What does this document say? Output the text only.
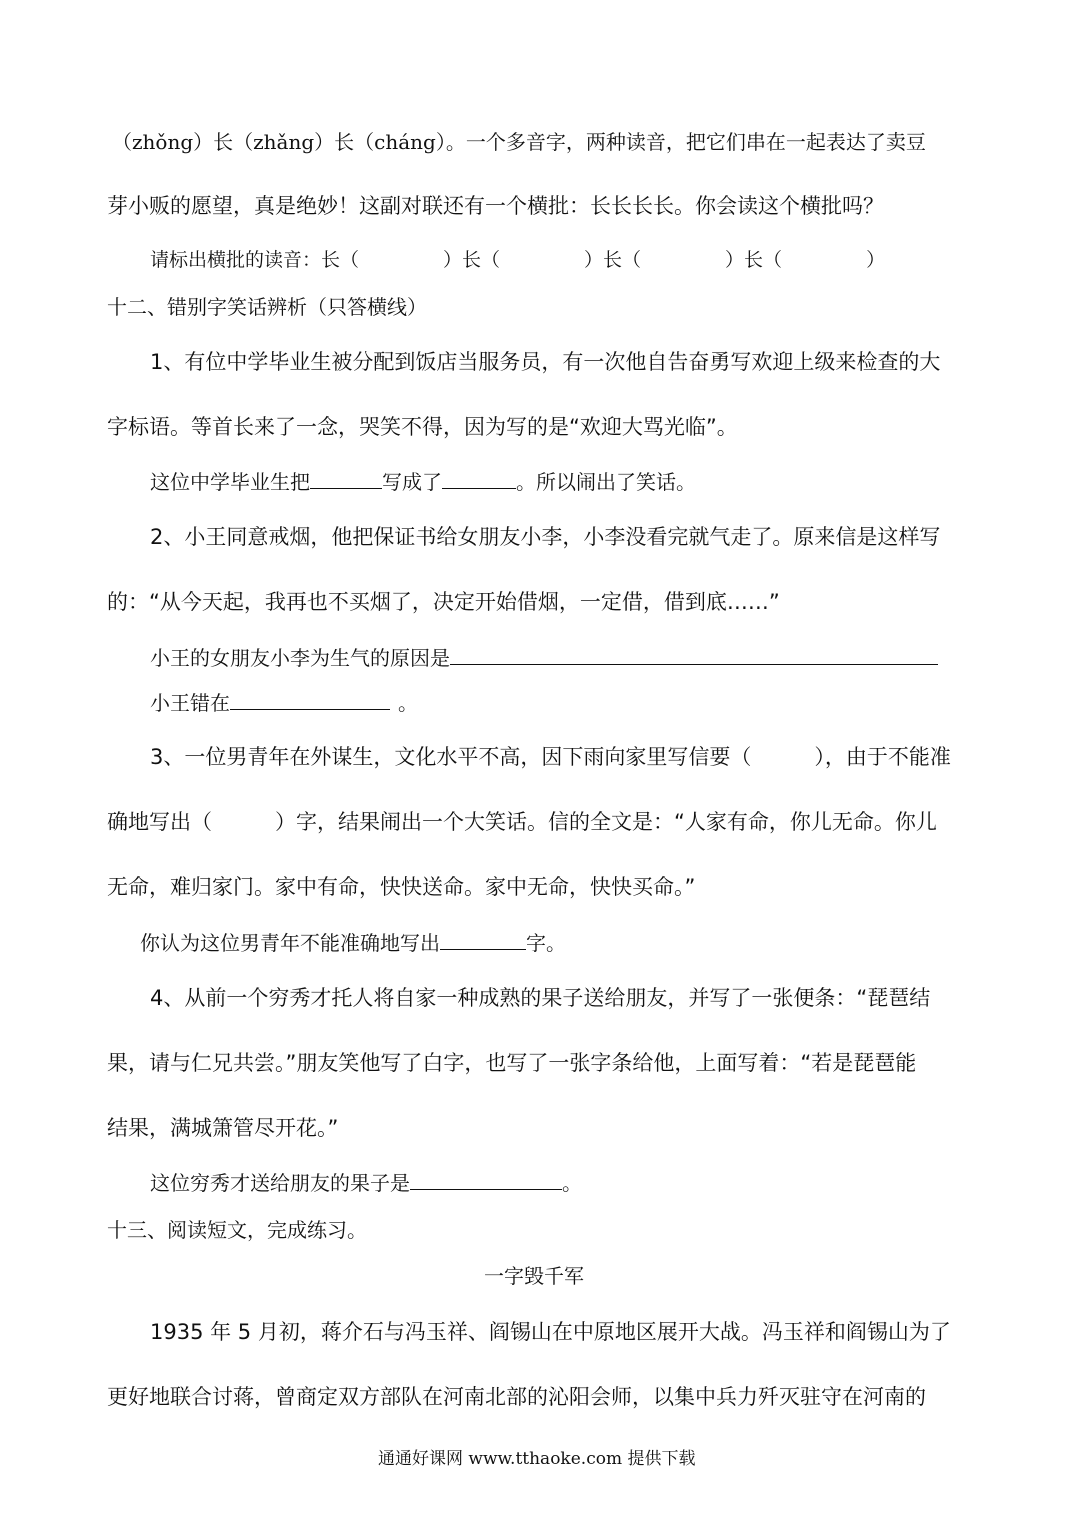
（zhǒng）长（zhǎng）长（cháng）。一个多音字，两种读音，把它们串在一起表达了卖豆
芽小贩的愿望，真是绝妙！这副对联还有一个横批：长长长长。你会读这个横批吗？
请标出横批的读音：长（	）长（	）长（	）长（	）
十二、错别字笑话辨析（只答横线）
1、有位中学毕业生被分配到饭店当服务员，有一次他自告奋勇写欢迎上级来检查的大
字标语。等首长来了一念，哭笑不得，因为写的是“欢迎大骂光临”。
这位中学毕业生把	写成了	。所以闹出了笑话。
2、小王同意戒烟，他把保证书给女朋友小李，小李没看完就气走了。原来信是这样写
的：“从今天起，我再也不买烟了，决定开始借烟，一定借，借到底……”
小王的女朋友小李为生气的原因是
小王错在	。
3、一位男青年在外谋生，文化水平不高，因下雨向家里写信要（　　　），由于不能准
确地写出（　　　）字，结果闹出一个大笑话。信的全文是：“人家有命，你儿无命。你儿
无命，难归家门。家中有命，快快送命。家中无命，快快买命。”
你认为这位男青年不能准确地写出	字。
4、从前一个穷秀才托人将自家一种成熟的果子送给朋友，并写了一张便条：“琵琶结
果，请与仁兄共尝。”朋友笑他写了白字，也写了一张字条给他，上面写着：“若是琵琶能
结果，满城箫管尽开花。”
这位穷秀才送给朋友的果子是	。
十三、阅读短文，完成练习。
一字毁千军
1935 年 5 月初，蒋介石与冯玉祥、阎锡山在中原地区展开大战。冯玉祥和阎锡山为了
更好地联合讨蒋，曾商定双方部队在河南北部的沁阳会师，以集中兵力歼灭驻守在河南的
通通好课网 www.tthaoke.com 提供下载
